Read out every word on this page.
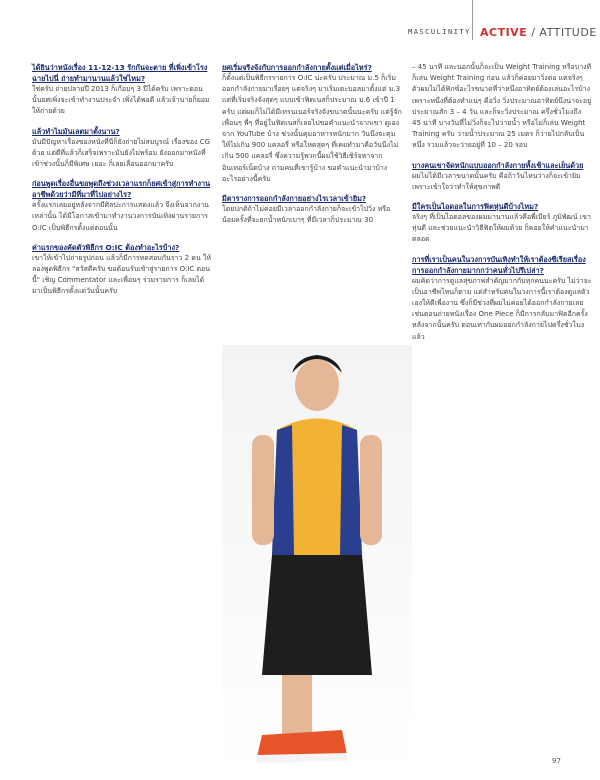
MASCULINITY ACTIVE / ATTITUDE
ได้ยินว่าหนังเรื่อง 11-12-13 รักกันจะตาย ที่เพิ่งเข้าโรงฉายไปนี่ ถ่ายทำมานานแล้วใช่ไหม?

ใช่ครับ ถ่ายปลายปี 2013 ก็เกือบๆ 3 ปีได้ครับ เพราะตอนนั้นยศเพิ่งจะเข้าทำงานประจำ เพิ่งได้พอดี แล้วเจ้านายก็ยอมให้ถ่ายด้วย

แล้วทำไมมันเลตมาตั้งนาน?

มันมีปัญหาเรื่องของหนังที่นี่ก็ยังถ่ายไม่สมบูรณ์ เรื่องของ CG ด้วย แต่ดีที่แล้วก็เสร็จเพราะมันยังไม่พร้อม ยังออกมาหนังที่เข้าช่วงนั้นก็มีพิเศษ เยอะ ก็เลยเลื่อนออกมาครับ

ก่อนพูดเรื่องอื่นขอพูดถึงช่วงเวลาแรกก็ยศเข้าสู่การทำงานอาชีพด้วยว่ามีที่มาที่ไปอย่างไร?

ครั้งแรกเลยอยู่หลังจากมีศิลปะการแสดงแล้ว จึงเห็นจากงานเหล่านั้น ได้มีโอกาสเข้ามาทำงานวงการบันเทิงผ่านรายการ O:IC เป็นพิธีกรตั้งแต่ตอนนั้น

ค่าแรกของคัดตัวพิธีกร O:IC ต้องทำอะไรบ้าง?

เขาให้เข้าไปถ่ายรูปก่อน แล้วก็มีการทดสอบกันราว 2 คน ให้ลองพูดพิธีกร "สวัสดีครับ ขอต้อนรับเข้าสู่รายการ O:IC ตอนนี้" เชิญ Commentator และเพื่อนๆ ร่วมรายการ ก็เลยได้มาเป็นพิธีกรตั้งแต่วันนั้นครับ

ยศเริ่มจริงจังกับการออกกำลังกายตั้งแต่เมื่อไหร่?

ก็ตั้งแต่เป็นพิธีกรรายการ O:IC น่ะครับ ประมาณ ม.5 ก็เริ่มออกกำลังกายมาเรื่อยๆ แต่จริงๆ มาเริ่มเตะบอลมาตั้งแต่ ม.3 แต่ที่เริ่มจริงจังสุดๆ แบบเข้าฟิตเนสก็ประมาณ ม.6 เข้าปี 1 ครับ แต่ผมก็ไม่ได้มีเทรนเนอร์จริงจังขนาดนั้นนะครับ แต่รู้จักเพื่อนๆ พี่ๆ ที่อยู่ในฟิตเนสก็เลยไปขอคำแนะนำจากเขา ดูเองจาก YouTube บ้าง ช่วงนั้นคุมอาหารหนักมาก วันนึงจะคุมให้ไม่เกิน 900 แคลอรี่ หรือโหดสุดๆ ที่เคยทำมาคือวันนึงไม่เกิน 500 แคลอรี่ ซึ่งความรู้พวกนี้ผมใช้วิธีเซิร์จหาจากอินเทอร์เน็ตบ้าง ถามคนที่เขารู้บ้าง ขอคำแนะนำมาบ้าง อะไรอย่างนี้ครับ

มีตารางการออกกำลังกายอย่างไรเวลาเข้ายิม?

โดยปกติถ้าไม่ค่อยมีเวลาออกกำลังกายก็จะเข้าไปวิ่ง หรือน้อยครั้งที่จะยกน้ำหนักเบาๆ ที่มีเวลาก็ประมาณ 30

– 45 นาที และนอกนั้นก็จะเป็น Weight Training หรือบางทีก็เล่น Weight Training ก่อน แล้วก็ค่อยมาวิ่งต่อ แต่จริงๆ ตัวผมไม่ได้ฟิกซ์อะไรขนาดที่ว่าหนึ่งอาทิตย์ต้องเล่นอะไรบ้าง เพราะหนึ่งที่ต้องทำแน่ๆ คือวิ่ง วิ่งประมาณอาทิตย์นึงน่าจะอยู่ประมาณสัก 3 – 4 วัน และก็จะวิ่งประมาณ ครึ่งชั่วโมงถึง 45 นาที บางวันที่ไม่วิ่งก็จะไปว่ายน้ำ หรือไม่ก็เล่น Weight Training ครับ ว่ายน้ำประมาณ 25 เมตร ก็ว่ายไปกลับเป็นหนึ่ง รวมแล้วจะว่ายอยู่ที่ 10 – 20 รอบ

บางคนเขาจัดหนักแบบออกกำลังกายทั้งเช้าและเย็นด้วย

ผมไม่ได้มีเวลาขนาดนั้นครับ คือถ้าวันไหนว่างก็จะเข้ายิมเพราะเข้าใจว่าทำให้สุขภาพดี

มีใครเป็นไอดอลในการฟิตหุ่นดีบ้างไหม?

จริงๆ ที่เป็นไอดอลของผมมานานแล้วคือพี่เบียร์ ภูมิพัฒน์ เขาหุ่นดี และช่วยแนะนำวิธีฟิตให้ผมด้วย ก็คอยให้คำแนะนำมาตลอด

การที่เราเป็นคนในวงการบันเทิงทำให้เราต้องซีเรียสเรื่องการออกกำลังกายมากกว่าคนทั่วไปรึเปล่า?

ผมคิดว่าการดูแลสุขภาพสำคัญมากกับทุกคนนะครับ ไม่ว่าจะเป็นอาชีพไหนก็ตาม แต่สำหรับคนในวงการนี้เราต้องดูแลตัวเองให้ดีเพื่องาน ซึ่งก็มีช่วงที่ผมไม่ค่อยได้ออกกำลังกายเลย เช่นตอนถ่ายหนังเรื่อง One Piece ก็มีการกลับมาฟิตอีกครั้งหลังจากนั้นครับ ตอนเท่ากับผมออกกำลังกายไปครึ่งชั่วโมงแล้ว

97
